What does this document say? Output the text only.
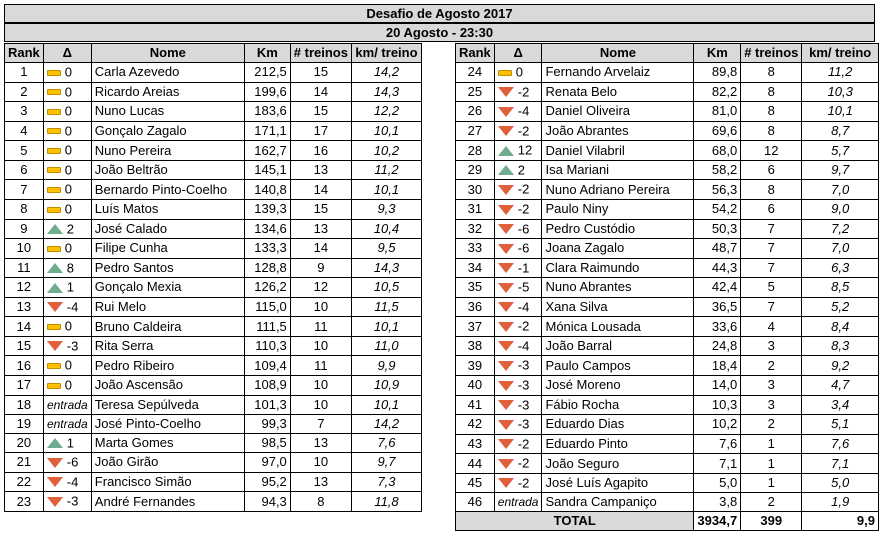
Desafio de Agosto 2017
20 Agosto - 23:30
Rank	Δ	Nome	Km	# treinos	km/ treino
1	0	Carla Azevedo	212,5	15	14,2
2	0	Ricardo Areias	199,6	14	14,3
3	0	Nuno Lucas	183,6	15	12,2
4	0	Gonçalo Zagalo	171,1	17	10,1
5	0	Nuno Pereira	162,7	16	10,2
6	0	João Beltrão	145,1	13	11,2
7	0	Bernardo Pinto-Coelho	140,8	14	10,1
8	0	Luís Matos	139,3	15	9,3
9	2	José Calado	134,6	13	10,4
10	0	Filipe Cunha	133,3	14	9,5
11	8	Pedro Santos	128,8	9	14,3
12	1	Gonçalo Mexia	126,2	12	10,5
13	-4	Rui Melo	115,0	10	11,5
14	0	Bruno Caldeira	111,5	11	10,1
15	-3	Rita Serra	110,3	10	11,0
16	0	Pedro Ribeiro	109,4	11	9,9
17	0	João Ascensão	108,9	10	10,9
18	entrada	Teresa Sepúlveda	101,3	10	10,1
19	entrada	José Pinto-Coelho	99,3	7	14,2
20	1	Marta Gomes	98,5	13	7,6
21	-6	João Girão	97,0	10	9,7
22	-4	Francisco Simão	95,2	13	7,3
23	-3	André Fernandes	94,3	8	11,8
Rank	Δ	Nome	Km	# treinos	km/ treino
24	0	Fernando Arvelaiz	89,8	8	11,2
25	-2	Renata Belo	82,2	8	10,3
26	-4	Daniel Oliveira	81,0	8	10,1
27	-2	João Abrantes	69,6	8	8,7
28	12	Daniel Vilabril	68,0	12	5,7
29	2	Isa Mariani	58,2	6	9,7
30	-2	Nuno Adriano Pereira	56,3	8	7,0
31	-2	Paulo Niny	54,2	6	9,0
32	-6	Pedro Custódio	50,3	7	7,2
33	-6	Joana Zagalo	48,7	7	7,0
34	-1	Clara Raimundo	44,3	7	6,3
35	-5	Nuno Abrantes	42,4	5	8,5
36	-4	Xana Silva	36,5	7	5,2
37	-2	Mónica Lousada	33,6	4	8,4
38	-4	João Barral	24,8	3	8,3
39	-3	Paulo Campos	18,4	2	9,2
40	-3	José Moreno	14,0	3	4,7
41	-3	Fábio Rocha	10,3	3	3,4
42	-3	Eduardo Dias	10,2	2	5,1
43	-2	Eduardo Pinto	7,6	1	7,6
44	-2	João Seguro	7,1	1	7,1
45	-2	José Luís Agapito	5,0	1	5,0
46	entrada	Sandra Campaniço	3,8	2	1,9
TOTAL			3934,7	399	9,9
